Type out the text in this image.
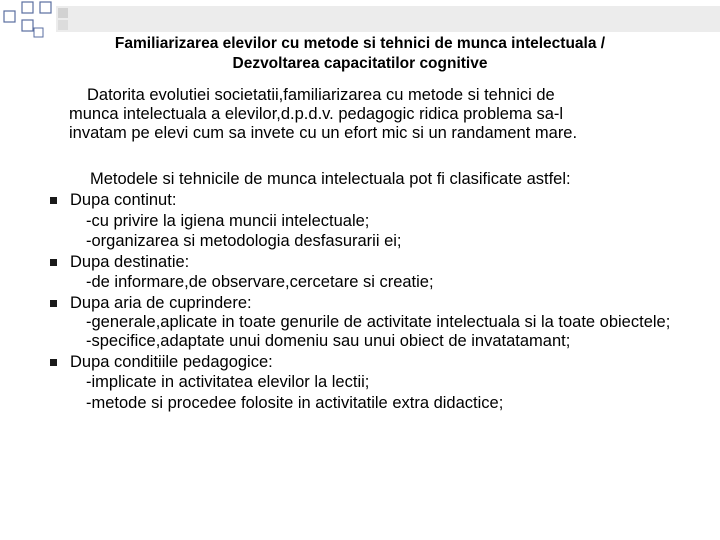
Familiarizarea elevilor cu metode si tehnici de munca intelectuala /
Dezvoltarea capacitatilor cognitive
Datorita evolutiei societatii,familiarizarea cu metode si tehnici de
munca intelectuala a elevilor,d.p.d.v. pedagogic ridica problema sa-l
invatam pe elevi cum sa invete cu un efort mic si un randament mare.
Metodele si tehnicile de munca intelectuala pot fi clasificate astfel:
Dupa continut:
-cu privire la igiena muncii intelectuale;
-organizarea si metodologia desfasurarii ei;
Dupa destinatie:
-de informare,de observare,cercetare si creatie;
Dupa aria de cuprindere:
-generale,aplicate in toate genurile de activitate intelectuala si la toate obiectele;
-specifice,adaptate unui domeniu sau unui obiect de invatatamant;
Dupa conditiile pedagogice:
-implicate in activitatea elevilor la lectii;
-metode si procedee folosite in activitatile extra didactice;
